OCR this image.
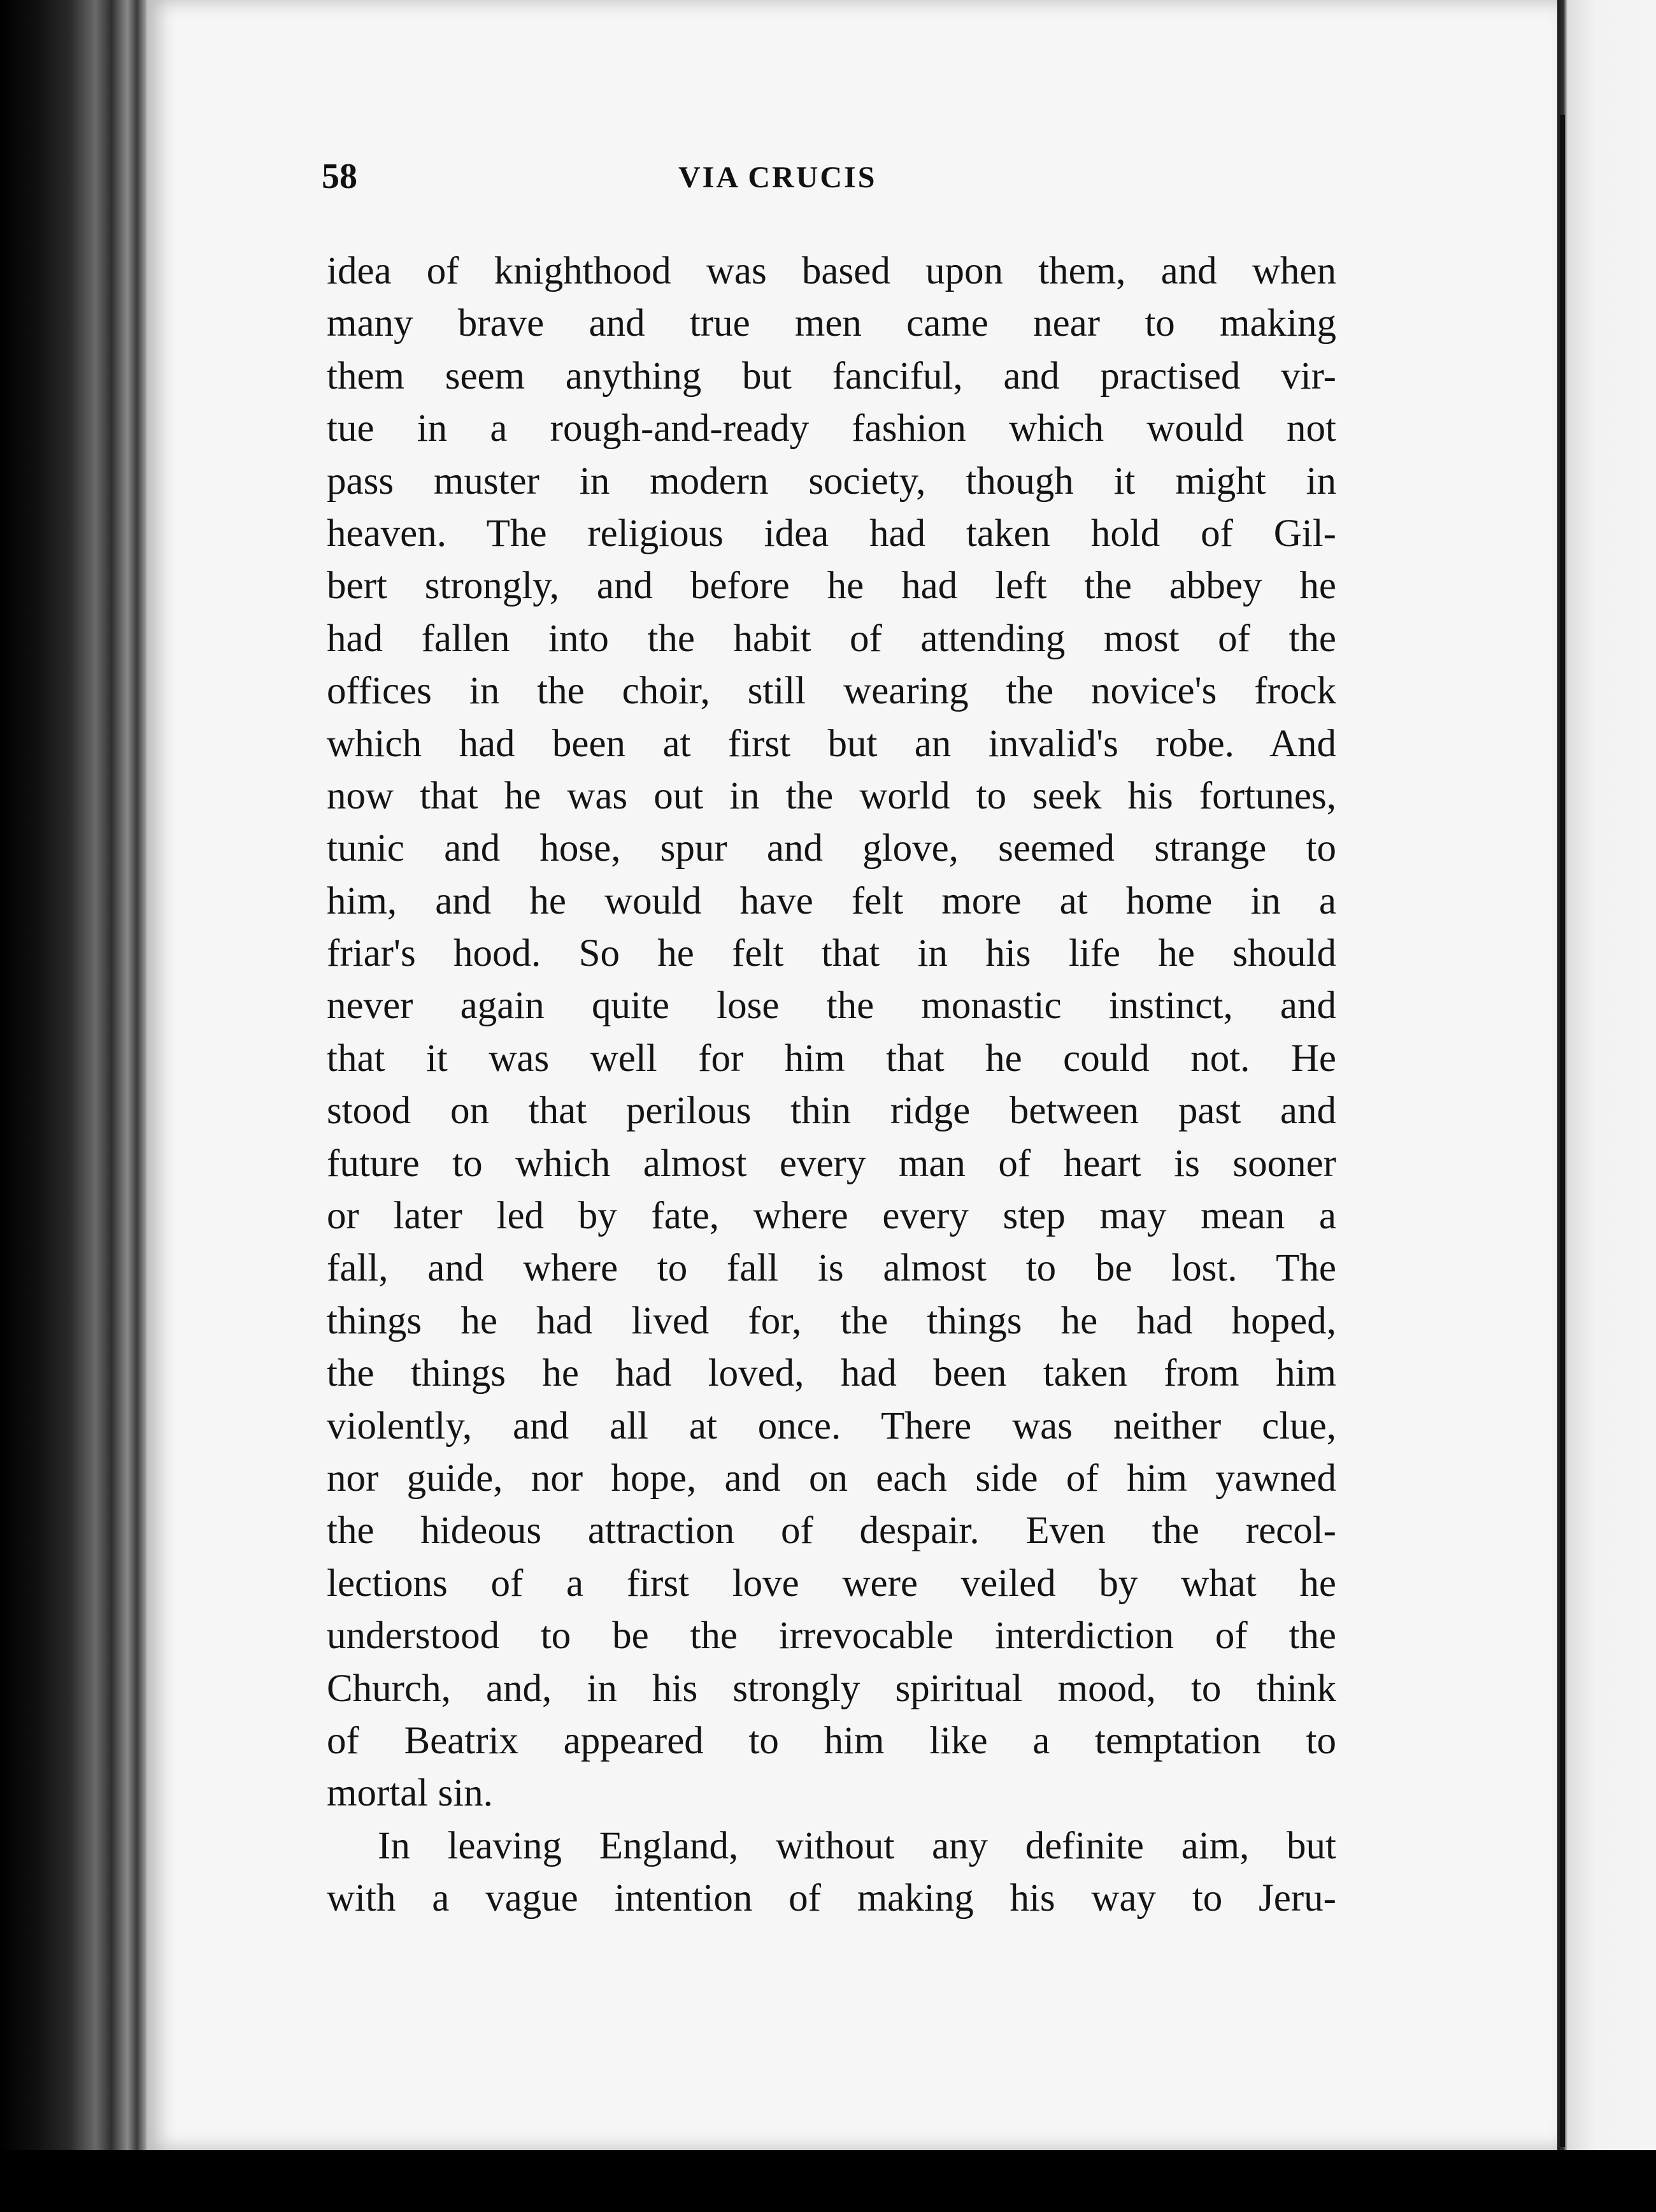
58	VIA CRUCIS
idea of knighthood was based upon them, and when
many brave and true men came near to making
them seem anything but fanciful, and practised vir-
tue in a rough-and-ready fashion which would not
pass muster in modern society, though it might in
heaven. The religious idea had taken hold of Gil-
bert strongly, and before he had left the abbey he
had fallen into the habit of attending most of the
offices in the choir, still wearing the novice's frock
which had been at first but an invalid's robe. And
now that he was out in the world to seek his fortunes,
tunic and hose, spur and glove, seemed strange to
him, and he would have felt more at home in a
friar's hood. So he felt that in his life he should
never again quite lose the monastic instinct, and
that it was well for him that he could not. He
stood on that perilous thin ridge between past and
future to which almost every man of heart is sooner
or later led by fate, where every step may mean a
fall, and where to fall is almost to be lost. The
things he had lived for, the things he had hoped,
the things he had loved, had been taken from him
violently, and all at once. There was neither clue,
nor guide, nor hope, and on each side of him yawned
the hideous attraction of despair. Even the recol-
lections of a first love were veiled by what he
understood to be the irrevocable interdiction of the
Church, and, in his strongly spiritual mood, to think
of Beatrix appeared to him like a temptation to
mortal sin.
In leaving England, without any definite aim, but
with a vague intention of making his way to Jeru-
